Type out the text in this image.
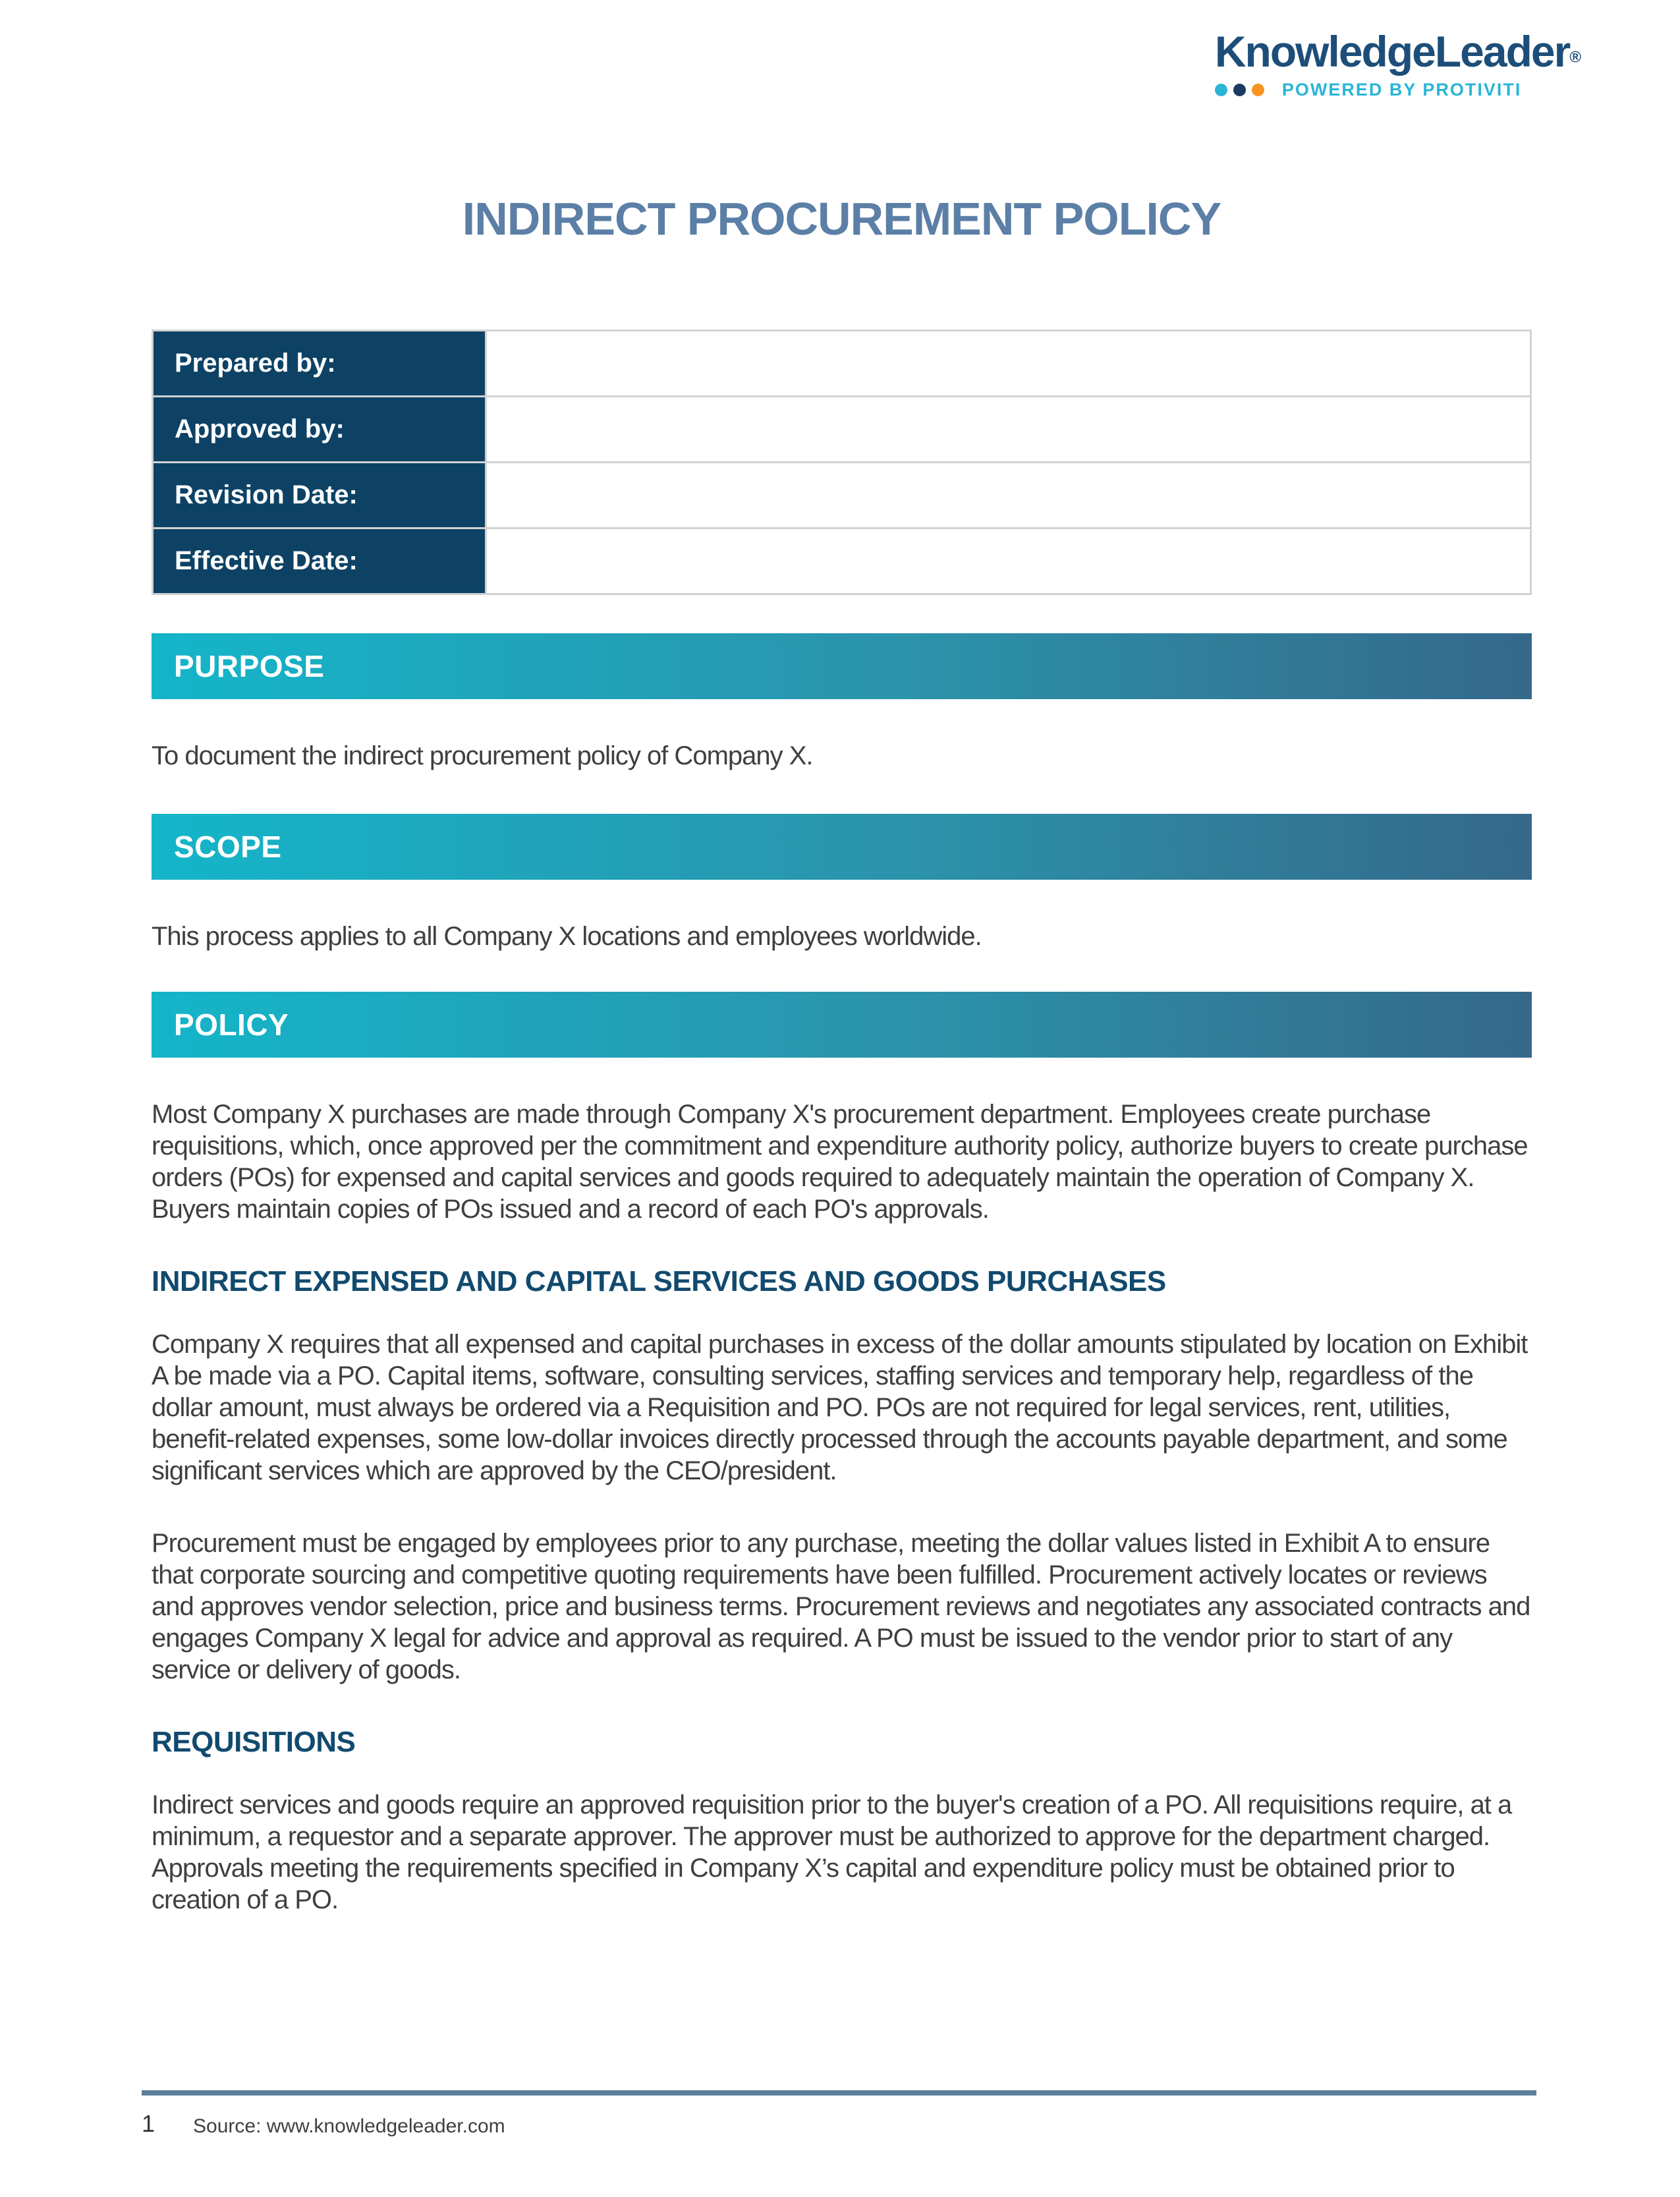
KnowledgeLeader®
POWERED BY PROTIVITI
INDIRECT PROCUREMENT POLICY
Prepared by:	
Approved by:	
Revision Date:	
Effective Date:	
PURPOSE

To document the indirect procurement policy of Company X.

SCOPE

This process applies to all Company X locations and employees worldwide.

POLICY

Most Company X purchases are made through Company X's procurement department. Employees create purchase requisitions, which, once approved per the commitment and expenditure authority policy, authorize buyers to create purchase orders (POs) for expensed and capital services and goods required to adequately maintain the operation of Company X. Buyers maintain copies of POs issued and a record of each PO's approvals.

INDIRECT EXPENSED AND CAPITAL SERVICES AND GOODS PURCHASES

Company X requires that all expensed and capital purchases in excess of the dollar amounts stipulated by location on Exhibit A be made via a PO. Capital items, software, consulting services, staffing services and temporary help, regardless of the dollar amount, must always be ordered via a Requisition and PO. POs are not required for legal services, rent, utilities, benefit-related expenses, some low-dollar invoices directly processed through the accounts payable department, and some significant services which are approved by the CEO/president.

Procurement must be engaged by employees prior to any purchase, meeting the dollar values listed in Exhibit A to ensure that corporate sourcing and competitive quoting requirements have been fulfilled. Procurement actively locates or reviews and approves vendor selection, price and business terms. Procurement reviews and negotiates any associated contracts and engages Company X legal for advice and approval as required. A PO must be issued to the vendor prior to start of any service or delivery of goods.

REQUISITIONS

Indirect services and goods require an approved requisition prior to the buyer's creation of a PO. All requisitions require, at a minimum, a requestor and a separate approver. The approver must be authorized to approve for the department charged. Approvals meeting the requirements specified in Company X’s capital and expenditure policy must be obtained prior to creation of a PO.

1 Source: www.knowledgeleader.com
